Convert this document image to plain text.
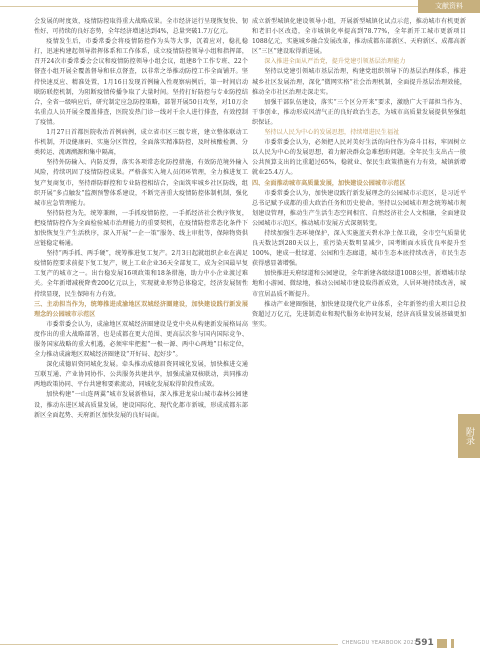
文献资料

会发展的时度效，疫情防控取得重大战略成果。全市经济运行呈现恢复快、韧性好、可持续的良好态势，全年经济增速达到4%，总量突破1.7万亿元。

疫情发生后，市委常委会将疫情防控作为头等大事，沉着应对，稳扎稳打，迅速构建起领导指挥体系和工作体系，成立疫情防控领导小组和指挥部，召开24次市委常委会会议和疫情防控领导小组会议，组建8个工作专班、22个督查小组开展全覆盖督导和驻点督查，以非常之举推动防控工作全面铺开。坚持快速反应、精准处置，1月16日发现首例输入性观察病例后，第一时间启动联防联控机制，为阻断疫情传播争取了大量时间。坚持打好防控与专业防控结合，全省一级响应后，研究制定应急防控策略，部署开展50日攻坚，对10万余名重点人员开展全覆盖排查，医院发热门诊一线对千余人进行排查，有效控制了疫情。

1月27日首都医院收治首例病例，成立省市区三级专班，建立整体联动工作机制，开设健康码、实施分区管控，全面落实精准防控，及时核酸检测、分类转运、流调溯源和集中隔离，

坚持外防输入、内防反弹，落实各项常态化防控措施，有效防范境外输入风险，持续巩固了疫情防控成果。严格落实入境人员闭环管理，全力推进复工复产复商复市，坚持群防群控和专业防控相结合，全面筑牢城乡社区防线，组织开展“多点触发”监测预警体系建设，不断完善重大疫情防控体制机制，强化城市应急管理能力。

坚持防控为先，统筹兼顾，一手抓疫情防控，一手抓经济社会秩序恢复，把疫情防控作为全面检验城市治理能力的重要契机，在疫情防控常态化条件下加快恢复生产生活秩序，深入开展“一企一策”服务、线上审批等，保障物资供应链稳定畅通。

坚持“两手抓、两手硬”，统筹推进复工复产。2月3日起就组织企业在满足疫情防控要求前提下复工复产，规上工业企业36天全部复工，成为全国最早复工复产的城市之一。出台稳发展16项政策和18条措施，助力中小企业渡过难关。全年新增减税降费200亿元以上，实现就业形势总体稳定，经济发展韧性持续显现，民生保障有力有效。

三、主动担当作为，统筹推进成渝地区双城经济圈建设，加快建设践行新发展理念的公园城市示范区

市委常委会认为，成渝地区双城经济圈建设是党中央从构建新发展格局高度作出的重大战略部署，也是成都在更大范围、更高层次参与国内国际竞争、服务国家战略的重大机遇，必须牢牢把握“一极一源、两中心两地”目标定位，全力推动成渝地区双城经济圈建设“开好局、起好步”。

深化成德眉资同城化发展。牵头推动成德眉资同城化发展，加快推进交通互联互通、产业协同协作、公共服务共建共享，加强成渝双核联动，共同推动两地政策协同、平台共建和要素流动，同城化发展取得阶段性成效。

加快构建“一山连两翼”城市发展新格局，深入推进龙泉山城市森林公园建设，推动东进区域高质量发展，建设国际化、现代化都市新城，形成成都东部新区全面起势、天府新区加快发展的良好局面。

成立新型城镇化建设领导小组，开展新型城镇化试点示范，推动城市有机更新和老旧小区改造，全市城镇化率提高到78.77%，全年新开工城市更新项目1088亿元，实施城乡融合发展改革，推动成都东部新区、天府新区、成都高新区“三区”建设取得新进展。

深入推进全面从严治党，提升党建引领基层治理能力

坚持以党建引领城市基层治理，构建党组织领导下的基层治理体系，推进城乡社区发展治理，深化“微网实格”社会治理机制，全面提升基层治理效能，推动全市社区治理走深走实。

加强干部队伍建设，落实“三个区分开来”要求，激励广大干部担当作为、干事创业，推动形成风清气正的良好政治生态，为城市高质量发展提供坚强组织保证。

坚持以人民为中心的发展思想，持续增进民生福祉

市委常委会认为，必须把人民对美好生活的向往作为奋斗目标，牢固树立以人民为中心的发展思想，着力解决群众急难愁盼问题。全年民生支出占一般公共预算支出的比重超过65%，稳就业、保民生政策措施有力有效，城镇新增就业25.4万人。

四、全面推动城市高质量发展，加快建设公园城市示范区

市委常委会认为，加快建设践行新发展理念的公园城市示范区，是习近平总书记赋予成都的重大政治任务和历史使命。坚持以公园城市理念统筹城市规划建设管理，推动生产生活生态空间相宜、自然经济社会人文相融，全面建设公园城市示范区，推动城市发展方式深刻转变。

持续加强生态环境保护，深入实施蓝天碧水净土保卫战，全市空气质量优良天数达到280天以上，重污染天数明显减少，国考断面水质优良率提升至100%，建成一批绿道、公园和生态廊道，城市生态本底持续改善，市民生态获得感显著增强。

加快推进天府绿道和公园建设，全年新建各级绿道1008公里，新增城市绿地和小游园、微绿地，推动公园城市建设取得新成效，人居环境持续改善，城市宜居品质不断提升。

推动产业建圈强链，加快建设现代化产业体系，全年新签约重大项目总投资超过万亿元，先进制造业和现代服务业协同发展，经济高质量发展基础更加坚实。

附录
CHENGDU YEARBOOK 2021
591
